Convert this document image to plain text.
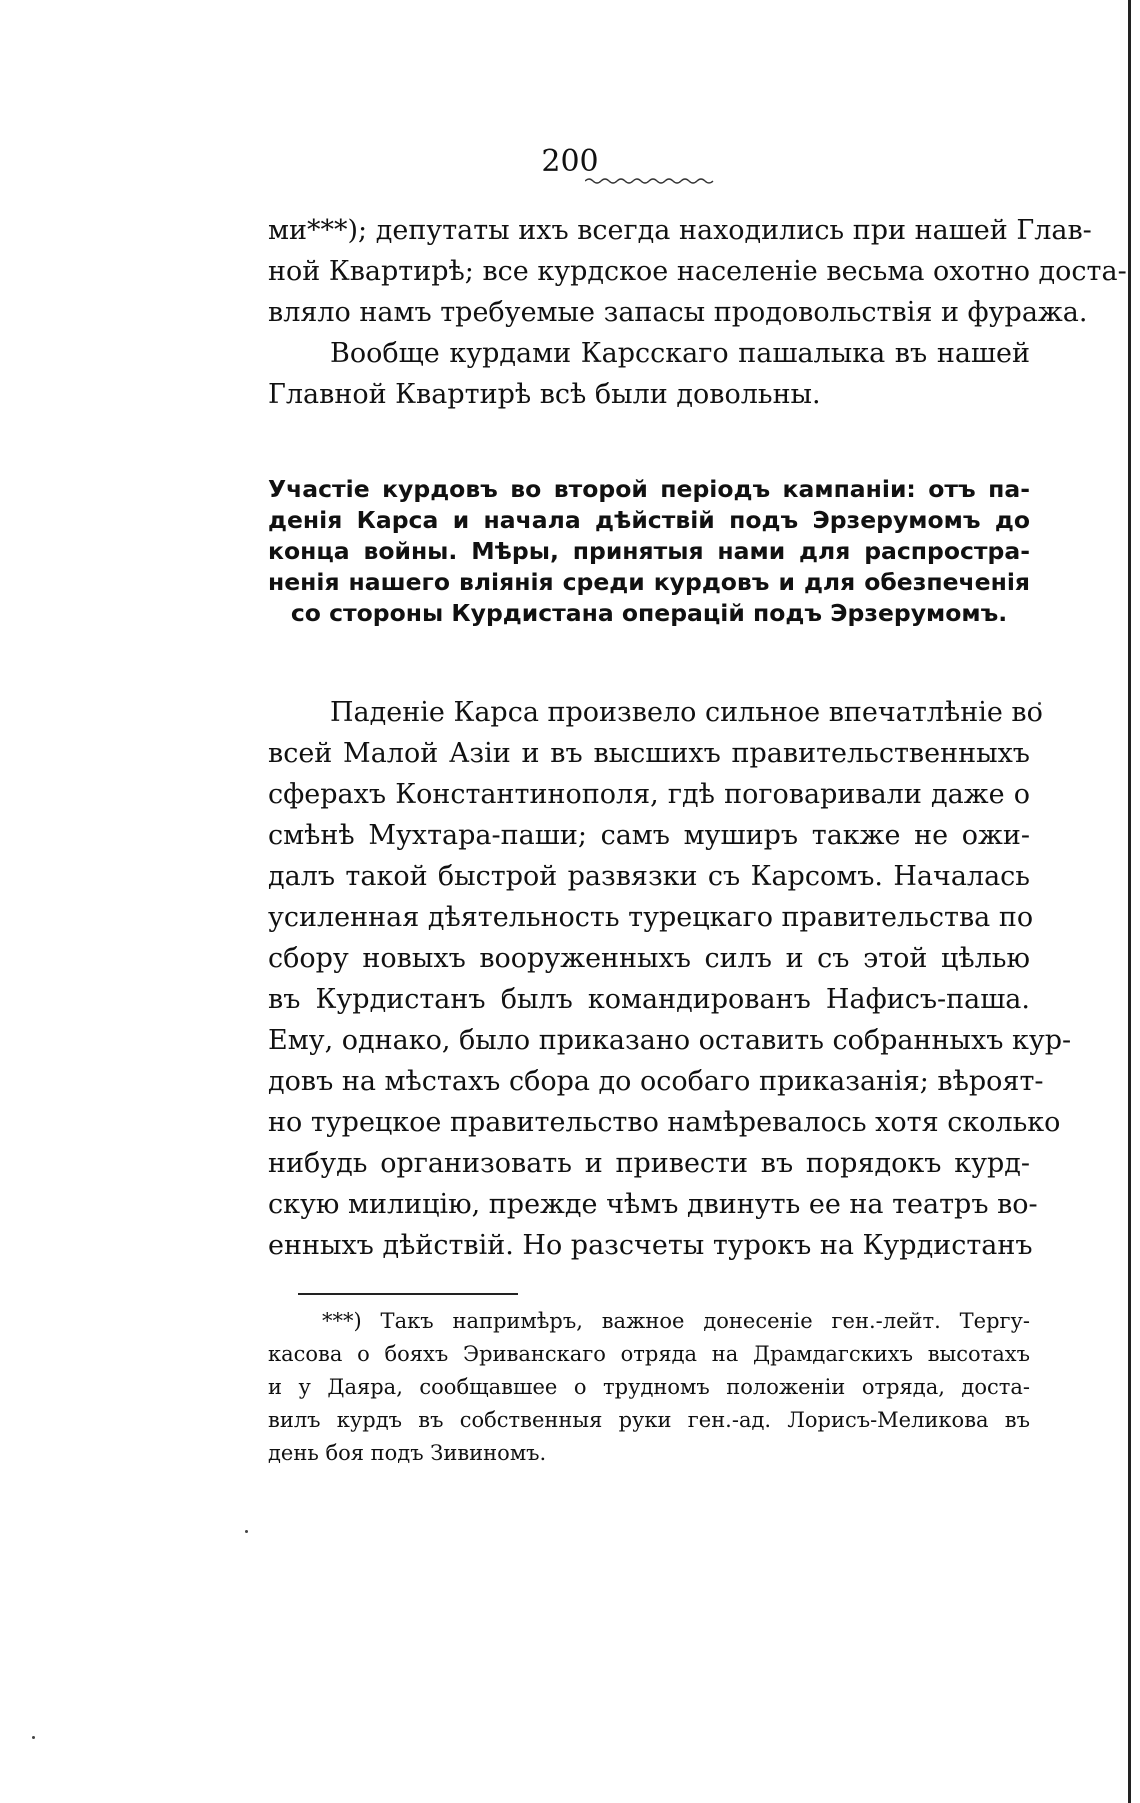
200

ми***); депутаты ихъ всегда находились при нашей Глав-
ной Квартирѣ; все курдское населеніе весьма охотно доста-
вляло намъ требуемые запасы продовольствія и фуража.

Вообще курдами Карсскаго пашалыка въ нашей
Главной Квартирѣ всѣ были довольны.

Участіе курдовъ во второй періодъ кампаніи: отъ па-
денія Карса и начала дѣйствій подъ Эрзерумомъ до
конца войны. Мѣры, принятыя нами для распростра-
ненія нашего вліянія среди курдовъ и для обезпеченія
со стороны Курдистана операцій подъ Эрзерумомъ.

Паденіе Карса произвело сильное впечатлѣніе во
всей Малой Азіи и въ высшихъ правительственныхъ
сферахъ Константинополя, гдѣ поговаривали даже о
смѣнѣ Мухтара-паши; самъ муширъ также не ожи-
далъ такой быстрой развязки съ Карсомъ. Началась
усиленная дѣятельность турецкаго правительства по
сбору новыхъ вооруженныхъ силъ и съ этой цѣлью
въ Курдистанъ былъ командированъ Нафисъ-паша.
Ему, однако, было приказано оставить собранныхъ кур-
довъ на мѣстахъ сбора до особаго приказанія; вѣроят-
но турецкое правительство намѣревалось хотя сколько
нибудь организовать и привести въ порядокъ курд-
скую милицію, прежде чѣмъ двинуть ее на театръ во-
енныхъ дѣйствій. Но разсчеты турокъ на Курдистанъ

***) Такъ напримѣръ, важное донесеніе ген.-лейт. Тергу-
касова о бояхъ Эриванскаго отряда на Драмдагскихъ высотахъ
и у Даяра, сообщавшее о трудномъ положеніи отряда, доста-
вилъ курдъ въ собственныя руки ген.-ад. Лорисъ-Меликова въ
день боя подъ Зивиномъ.
